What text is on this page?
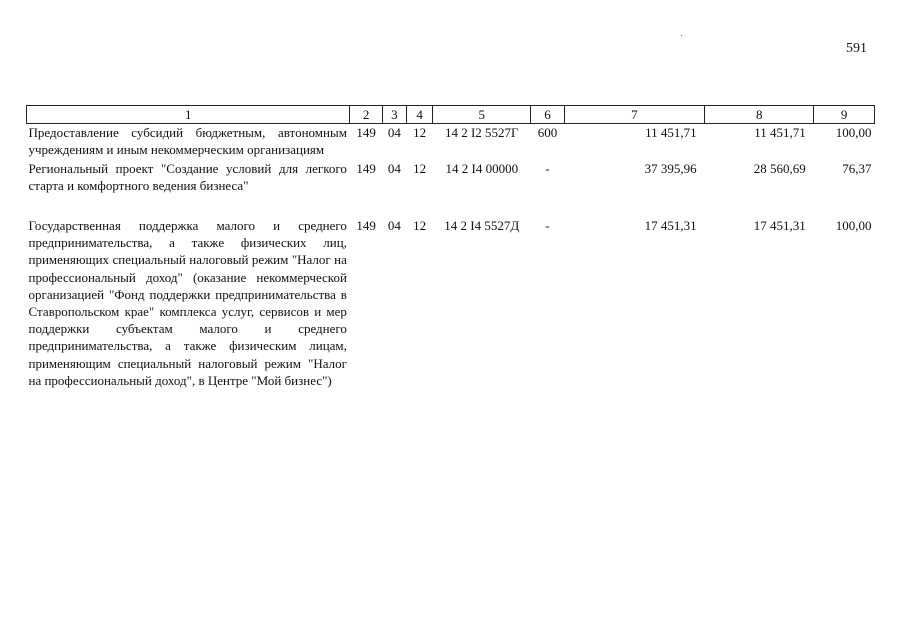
591
1	2	3	4	5	6	7	8	9
Предоставление субсидий бюджетным, автономным учреждениям и иным некоммерческим организациям	149	04	12	14 2 I2 5527Г	600	11 451,71	11 451,71	100,00
Региональный проект "Создание условий для легкого старта и комфортного ведения бизнеса"	149	04	12	14 2 I4 00000	-	37 395,96	28 560,69	76,37
Государственная поддержка малого и среднего предпринимательства, а также физических лиц, применяющих специальный налоговый режим "Налог на профессиональный доход" (оказание некоммерческой организацией "Фонд поддержки предпринимательства в Ставропольском крае" комплекса услуг, сервисов и мер поддержки субъектам малого и среднего предпринимательства, а также физическим лицам, применяющим специальный налоговый режим "Налог на профессиональный доход", в Центре "Мой бизнес")	149	04	12	14 2 I4 5527Д	-	17 451,31	17 451,31	100,00
